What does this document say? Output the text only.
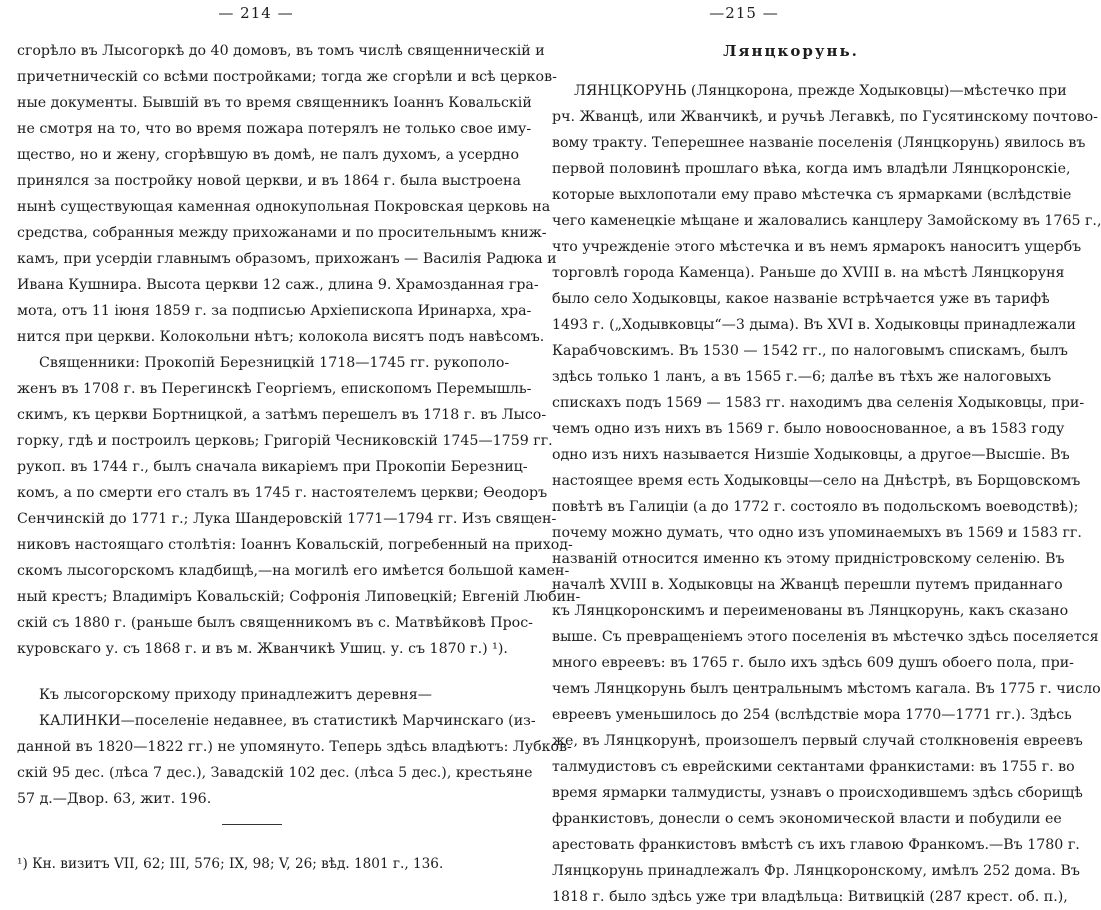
— 214 —
сгорѣло въ Лысогоркѣ до 40 домовъ, въ томъ числѣ священническій и
причетническій со всѣми постройками; тогда же сгорѣли и всѣ церков-
ные документы. Бывшій въ то время священникъ Іоаннъ Ковальскій
не смотря на то, что во время пожара потерялъ не только свое иму-
щество, но и жену, сгорѣвшую въ домѣ, не палъ духомъ, а усердно
принялся за постройку новой церкви, и въ 1864 г. была выстроена
нынѣ существующая каменная однокупольная Покровская церковь на
средства, собранныя между прихожанами и по просительнымъ книж-
камъ, при усердіи главнымъ образомъ, прихожанъ — Василія Радюка и
Ивана Кушнира. Высота церкви 12 саж., длина 9. Храмозданная гра-
мота, отъ 11 іюня 1859 г. за подписью Архіепископа Иринарха, хра-
нится при церкви. Колокольни нѣтъ; колокола висятъ подъ навѣсомъ.
Священники: Прокопій Березницкій 1718—1745 гг. рукополо-
женъ въ 1708 г. въ Перегинскѣ Георгіемъ, епископомъ Перемышль-
скимъ, къ церкви Бортницкой, а затѣмъ перешелъ въ 1718 г. въ Лысо-
горку, гдѣ и построилъ церковь; Григорій Чесниковскій 1745—1759 гг.
рукоп. въ 1744 г., былъ сначала викаріемъ при Прокопіи Березниц-
комъ, а по смерти его сталъ въ 1745 г. настоятелемъ церкви; Ѳеодоръ
Сенчинскій до 1771 г.; Лука Шандеровскій 1771—1794 гг. Изъ священ-
никовъ настоящаго столѣтія: Іоаннъ Ковальскій, погребенный на приход-
скомъ лысогорскомъ кладбищѣ,—на могилѣ его имѣется большой камен-
ный крестъ; Владиміръ Ковальскій; Софронія Липовецкій; Евгеній Любин-
скій съ 1880 г. (раньше былъ священникомъ въ с. Матвѣйковѣ Прос-
куровскаго у. съ 1868 г. и въ м. Жванчикѣ Ушиц. у. съ 1870 г.) ¹).
Къ лысогорскому приходу принадлежитъ деревня—
КАЛИНКИ—поселеніе недавнее, въ статистикѣ Марчинскаго (из-
данной въ 1820—1822 гг.) не упомянуто. Теперь здѣсь владѣютъ: Лубков-
скій 95 дес. (лѣса 7 дес.), Завадскій 102 дес. (лѣса 5 дес.), крестьяне
57 д.—Двор. 63, жит. 196.
¹) Кн. визитъ VII, 62; III, 576; IX, 98; V, 26; вѣд. 1801 г., 136.
—215 —
Лянцкорунь.
ЛЯНЦКОРУНЬ (Лянцкорона, прежде Ходыковцы)—мѣстечко при
рч. Жванцѣ, или Жванчикѣ, и ручьѣ Легавкѣ, по Гусятинскому почтово-
вому тракту. Теперешнее названіе поселенія (Лянцкорунь) явилось въ
первой половинѣ прошлаго вѣка, когда имъ владѣли Лянцкоронскіе,
которые выхлопотали ему право мѣстечка съ ярмарками (вслѣдствіе
чего каменецкіе мѣщане и жаловались канцлеру Замойскому въ 1765 г.,
что учрежденіе этого мѣстечка и въ немъ ярмарокъ наноситъ ущербъ
торговлѣ города Каменца). Раньше до XVIII в. на мѣстѣ Лянцкоруня
было село Ходыковцы, какое названіе встрѣчается уже въ тарифѣ
1493 г. („Ходывковцы“—3 дыма). Въ XVI в. Ходыковцы принадлежали
Карабчовскимъ. Въ 1530 — 1542 гг., по налоговымъ спискамъ, былъ
здѣсь только 1 ланъ, а въ 1565 г.—6; далѣе въ тѣхъ же налоговыхъ
спискахъ подъ 1569 — 1583 гг. находимъ два селенія Ходыковцы, при-
чемъ одно изъ нихъ въ 1569 г. было новооснованное, а въ 1583 году
одно изъ нихъ называется Низшіе Ходыковцы, а другое—Высшіе. Въ
настоящее время есть Ходыковцы—село на Днѣстрѣ, въ Борщовскомъ
повѣтѣ въ Галиціи (а до 1772 г. состояло въ подольскомъ воеводствѣ);
почему можно думать, что одно изъ упоминаемыхъ въ 1569 и 1583 гг.
названій относится именно къ этому придністровскому селенію. Въ
началѣ XVIII в. Ходыковцы на Жванцѣ перешли путемъ приданнаго
къ Лянцкоронскимъ и переименованы въ Лянцкорунь, какъ сказано
выше. Съ превращеніемъ этого поселенія въ мѣстечко здѣсь поселяется
много евреевъ: въ 1765 г. было ихъ здѣсь 609 душъ обоего пола, при-
чемъ Лянцкорунь былъ центральнымъ мѣстомъ кагала. Въ 1775 г. число
евреевъ уменьшилось до 254 (вслѣдствіе мора 1770—1771 гг.). Здѣсь
же, въ Лянцкорунѣ, произошелъ первый случай столкновенія евреевъ
талмудистовъ съ еврейскими сектантами франкистами: въ 1755 г. во
время ярмарки талмудисты, узнавъ о происходившемъ здѣсь сборищѣ
франкистовъ, донесли о семъ экономической власти и побудили ее
арестовать франкистовъ вмѣстѣ съ ихъ главою Франкомъ.—Въ 1780 г.
Лянцкорунь принадлежалъ Фр. Лянцкоронскому, имѣлъ 252 дома. Въ
1818 г. было здѣсь уже три владѣльца: Витвицкій (287 крест. об. п.),
